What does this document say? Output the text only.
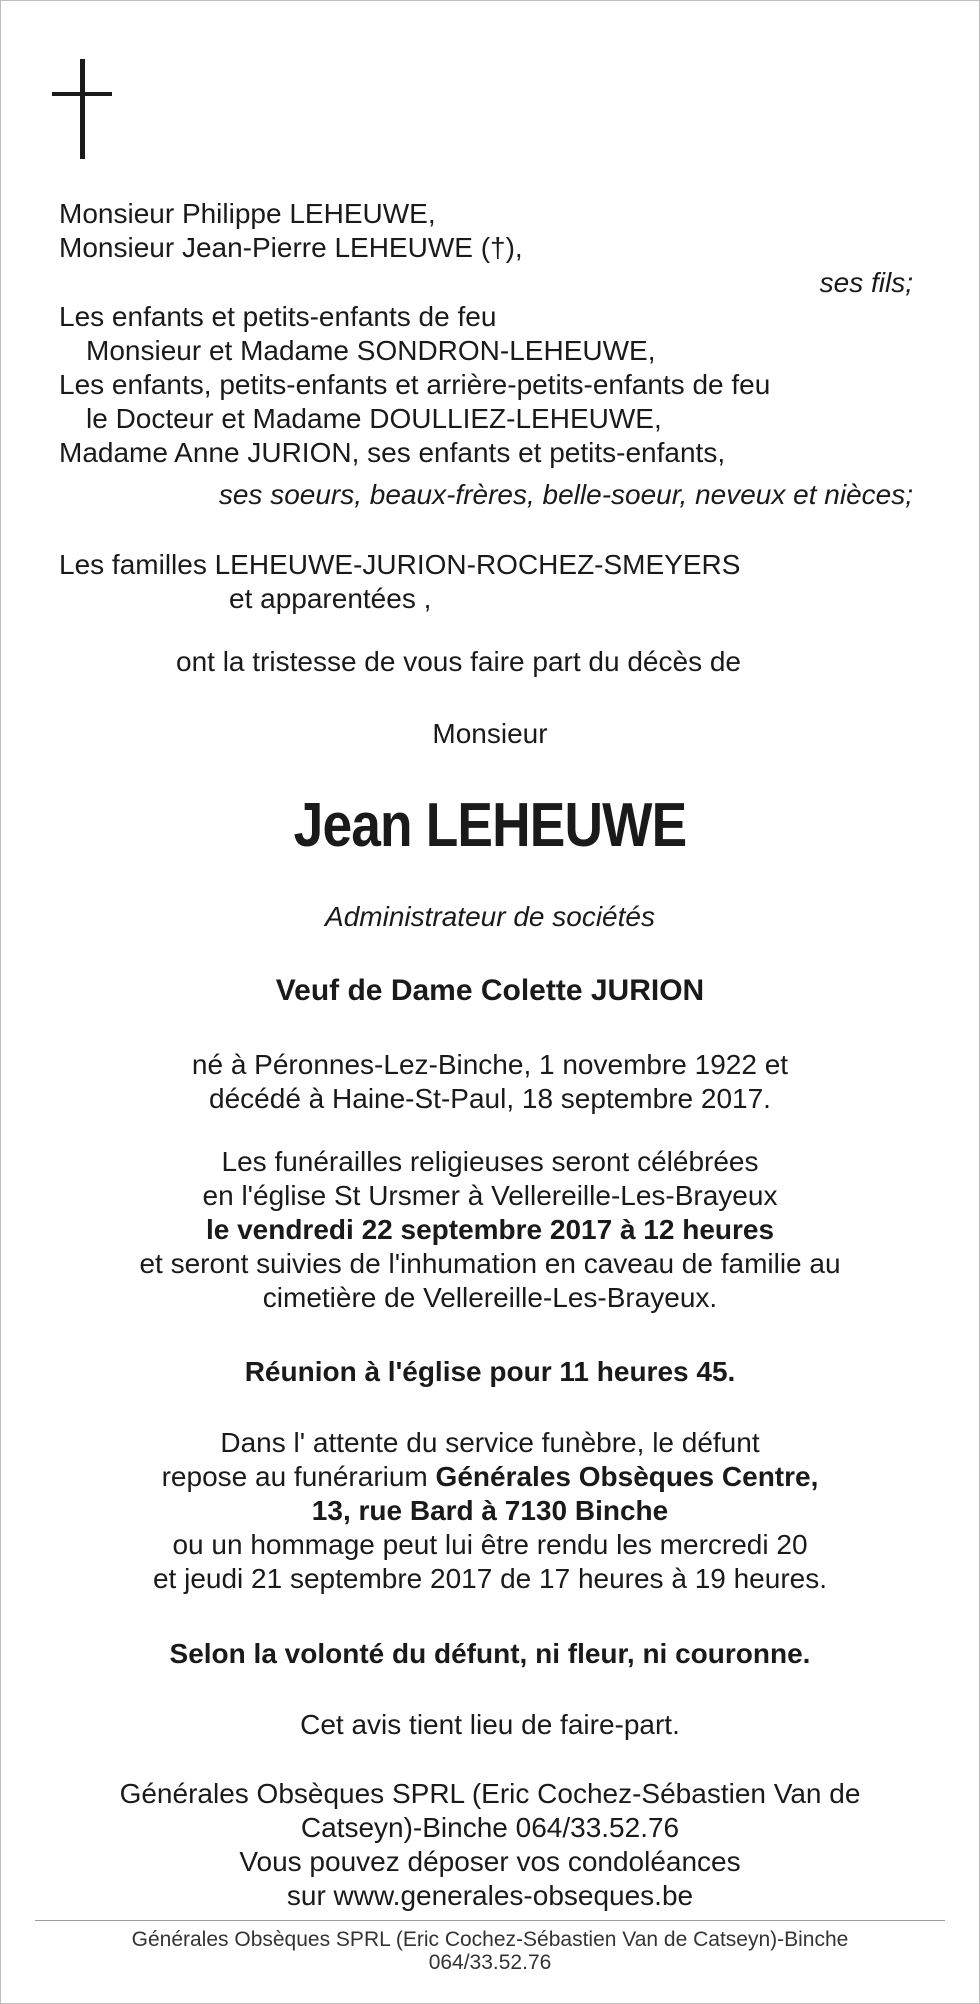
Monsieur Philippe LEHEUWE,
Monsieur Jean-Pierre LEHEUWE (†),
ses fils;
Les enfants et petits-enfants de feu
Monsieur et Madame SONDRON-LEHEUWE,
Les enfants, petits-enfants et arrière-petits-enfants de feu
le Docteur et Madame DOULLIEZ-LEHEUWE,
Madame Anne JURION, ses enfants et petits-enfants,
ses soeurs, beaux-frères, belle-soeur, neveux et nièces;
Les familles LEHEUWE-JURION-ROCHEZ-SMEYERS
et apparentées ,
ont la tristesse de vous faire part du décès de
Monsieur
Jean LEHEUWE
Administrateur de sociétés
Veuf de Dame Colette JURION
né à Péronnes-Lez-Binche, 1 novembre 1922 et
décédé à Haine-St-Paul, 18 septembre 2017.
Les funérailles religieuses seront célébrées
en l'église St Ursmer à Vellereille-Les-Brayeux
le vendredi 22 septembre 2017 à 12 heures
et seront suivies de l'inhumation en caveau de familie au
cimetière de Vellereille-Les-Brayeux.
Réunion à l'église pour 11 heures 45.
Dans l' attente du service funèbre, le défunt
repose au funérarium Générales Obsèques Centre,
13, rue Bard à 7130 Binche
ou un hommage peut lui être rendu les mercredi 20
et jeudi 21 septembre 2017 de 17 heures à 19 heures.
Selon la volonté du défunt, ni fleur, ni couronne.
Cet avis tient lieu de faire-part.
Générales Obsèques SPRL (Eric Cochez-Sébastien Van de
Catseyn)-Binche 064/33.52.76
Vous pouvez déposer vos condoléances
sur www.generales-obseques.be
Générales Obsèques SPRL (Eric Cochez-Sébastien Van de Catseyn)-Binche
064/33.52.76
